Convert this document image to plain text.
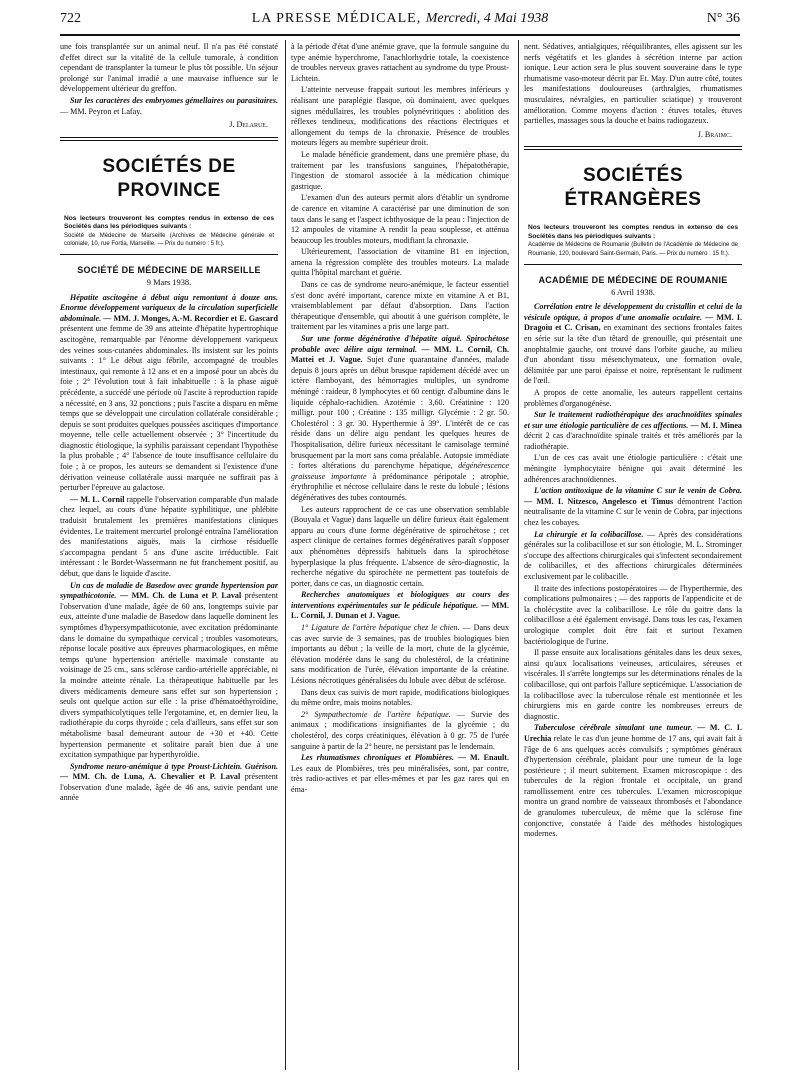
722	LA PRESSE MÉDICALE, Mercredi, 4 Mai 1938	N° 36

une fois transplantée sur un animal neuf. Il n'a pas été constaté d'effet direct sur la vitalité de la cellule tumorale, à condition cependant de transplanter la tumeur le plus tôt possible. Un séjour prolongé sur l'animal irradié a une mauvaise influence sur le développement ultérieur du greffon.

Sur les caractères des embryomes gémellaires ou parasitaires. — MM. Peyron et Lafay.

J. Delarue.
SOCIÉTÉS DE PROVINCE
Nos lecteurs trouveront les comptes rendus in extenso de ces Sociétés dans les périodiques suivants :
Société de Médecine de Marseille (Archives de Médecine générale et coloniale, 10, rue Fortia, Marseille. — Prix du numéro : 5 fr.).
SOCIÉTÉ DE MÉDECINE DE MARSEILLE
9 Mars 1938.

Hépatite ascitogène à début aigu remontant à douze ans. Enorme développement variqueux de la circulation superficielle abdominale. — MM. J. Monges, A.-M. Recordier et E. Gascard présentent une femme de 39 ans atteinte d'hépatite hypertrophique ascitogène, remarquable par l'énorme développement variqueux des veines sous-cutanées abdominales. Ils insistent sur les points suivants : 1° Le début aigu fébrile, accompagné de troubles intestinaux, qui remonte à 12 ans et en a imposé pour un abcès du foie ; 2° l'évolution tout à fait inhabituelle : à la phase aiguë précédente, a succédé une période où l'ascite à reproduction rapide a nécessité, en 3 ans, 32 ponctions ; puis l'ascite a disparu en même temps que se développait une circulation collatérale considérable ; depuis se sont produites quelques poussées ascitiques d'importance moyenne, telle celle actuellement observée ; 3° l'incertitude du diagnostic étiologique, la syphilis paraissant cependant l'hypothèse la plus probable ; 4° l'absence de toute insuffisance cellulaire du foie ; à ce propos, les auteurs se demandent si l'existence d'une dérivation veineuse collatérale aussi marquée ne suffirait pas à perturber l'épreuve au galactose.

— M. L. Cornil rappelle l'observation comparable d'un malade chez lequel, au cours d'une hépatite syphilitique, une phlébite traduisit brutalement les premières manifestations cliniques évidentes. Le traitement mercuriel prolongé entraîna l'amélioration des manifestations aiguës, mais la cirrhose résiduelle s'accompagna pendant 5 ans d'une ascite irréductible. Fait intéressant : le Bordet-Wassermann ne fut franchement positif, au début, que dans le liquide d'ascite.

Un cas de maladie de Basedow avec grande hypertension par sympathicotonie. — MM. Ch. de Luna et P. Laval présentent l'observation d'une malade, âgée de 60 ans, longtemps suivie par eux, atteinte d'une maladie de Basedow dans laquelle dominent les symptômes d'hypersympathicotonie, avec excitation prédominante dans le domaine du sympathique cervical ; troubles vasomoteurs, réponse locale positive aux épreuves pharmacologiques, en même temps qu'une hypertension artérielle maximale constante au voisinage de 25 cm., sans sclérose cardio-artérielle appréciable, ni la moindre atteinte rénale. La thérapeutique habituelle par les divers médicaments demeure sans effet sur son hypertension ; seuls ont quelque action sur elle : la prise d'hématoéthyroïdine, divers sympathicolytiques telle l'ergotamine, et, en dernier lieu, la radiothérapie du corps thyroïde ; cela d'ailleurs, sans effet sur son métabolisme basal demeurant autour de +30 et +40. Cette hypertension permanente et solitaire paraît bien due à une excitation sympathique par hyperthyroïdie.

Syndrome neuro-anémique à type Proust-Lichtein. Guérison. — MM. Ch. de Luna, A. Chevalier et P. Laval présentent l'observation d'une malade, âgée de 46 ans, suivie pendant une année

à la période d'état d'une anémie grave, que la formule sanguine du type anémie hyperchrome, l'anachlorhydrie totale, la coexistence de troubles nerveux graves rattachent au syndrome du type Proust-Lichtein.

L'atteinte nerveuse frappait surtout les membres inférieurs y réalisant une paraplégie flasque, où dominaient, avec quelques signes médullaires, les troubles polynévritiques : abolition des réflexes tendineux, modifications des réactions électriques et allongement du temps de la chronaxie. Présence de troubles moteurs légers au membre supérieur droit.

Le malade bénéficie grandement, dans une première phase, du traitement par les transfusions sanguines, l'hépatothérapie, l'ingestion de stomarol associée à la médication chimique gastrique.

L'examen d'un des auteurs permit alors d'établir un syndrome de carence en vitamine A caractérisé par une diminution de son taux dans le sang et l'aspect ichthyosique de la peau : l'injection de 12 ampoules de vitamine A rendit la peau souplesse, et atténua beaucoup les troubles moteurs, modifiant la chronaxie.

Ultérieurement, l'association de vitamine B1 en injection, amena la régression complète des troubles moteurs. La malade quitta l'hôpital marchant et guérie.

Dans ce cas de syndrome neuro-anémique, le facteur essentiel s'est donc avéré important, carence mixte en vitamine A et B1, vraisemblablement par défaut d'absorption. Dans l'action thérapeutique d'ensemble, qui aboutit à une guérison complète, le traitement par les vitamines a pris une large part.

Sur une forme dégénérative d'hépatite aiguë. Spirochétose probable avec délire aigu terminal. — MM. L. Cornil, Ch. Mattei et J. Vague. Sujet d'une quarantaine d'années, malade depuis 8 jours après un début brusque rapidement décédé avec un ictère flamboyant, des hémorragies multiples, un syndrome méningé : raideur, 8 lymphocytes et 60 centigr. d'albumine dans le liquide céphalo-rachidien. Azotémie : 3,60. Créatinine : 120 milligr. pour 100 ; Créatine : 135 milligr. Glycémie : 2 gr. 50. Cholestérol : 3 gr. 30. Hyperthermie à 39°. L'intérêt de ce cas réside dans un délire aigu pendant les quelques heures de l'hospitalisation, délire furieux nécessitant le camisolage terminé brusquement par la mort sans coma préalable. Autopsie immédiate : fortes altérations du parenchyme hépatique, dégénérescence graisseuse importante à prédominance péripotale ; atrophie, érythrophilie et nécrose cellulaire dans le reste du lobule ; lésions dégénératives des tubes contournés.

Les auteurs rapprochent de ce cas une observation semblable (Bouyala et Vague) dans laquelle un délire furieux était également apparu au cours d'une forme dégénérative de spirochétose ; cet aspect clinique de certaines formes dégénératives paraît s'opposer aux phénomènes dépressifs habituels dans la spirochétose hyperplasique la plus fréquente. L'absence de séro-diagnostic, la recherche négative du spirochète ne permettent pas toutefois de porter, dans ce cas, un diagnostic certain.

Recherches anatomiques et biologiques au cours des interventions expérimentales sur le pédicule hépatique. — MM. L. Cornil, J. Dunan et J. Vague.

1° Ligature de l'artère hépatique chez le chien. — Dans deux cas avec survie de 3 semaines, pas de troubles biologiques bien importants au début ; la veille de la mort, chute de la glycémie, élévation modérée dans le sang du cholestérol, de la créatinine sans modification de l'urée, élévation importante de la créatine. Lésions nécrotiques généralisées du lobule avec début de sclérose.

Dans deux cas suivis de mort rapide, modifications biologiques du même ordre, mais moins notables.

2° Sympathectomie de l'artère hépatique. — Survie des animaux ; modifications insignifiantes de la glycémie ; du cholestérol, des corps créatiniques, élévation à 0 gr. 75 de l'urée sanguine à partir de la 2° heure, ne persistant pas le lendemain.

Les rhumatismes chroniques et Plombières. — M. Enault. Les eaux de Plombières, très peu minéralisées, sont, par contre, très radio-actives et par elles-mêmes et par les gaz rares qui en éma-

nent. Sédatives, antialgiques, rééquilibrantes, elles agissent sur les nerfs végétatifs et les glandes à sécrétion interne par action ionique. Leur action sera le plus souvent souveraine dans le type rhumatisme vaso-moteur décrit par Et. May. D'un autre côté, toutes les manifestations douloureuses (arthralgies, rhumatismes musculaires, névralgies, en particulier sciatique) y trouveront amélioration. Comme moyens d'action : étuves totales, étuves partielles, massages sous la douche et bains radiogazeux.

J. Braimc.
SOCIÉTÉS ÉTRANGÈRES
Nos lecteurs trouveront les comptes rendus in extenso de ces Sociétés dans les périodiques suivants :
Académie de Médecine de Roumanie (Bulletin de l'Académie de Médecine de Roumanie, 120, boulevard Saint-Germain, Paris. — Prix du numéro : 15 fr.).
ACADÉMIE DE MÉDECINE DE ROUMANIE
6 Avril 1938.

Corrélation entre le développement du cristallin et celui de la vésicule optique, à propos d'une anomalie oculaire. — MM. I. Dragoiu et C. Crisan, en examinant des sections frontales faites en série sur la tête d'un têtard de grenouille, qui présentait une anophtalmie gauche, ont trouvé dans l'orbite gauche, au milieu d'un abondant tissu mésenchymateux, une formation ovale, délimitée par une paroi épaisse et noire, représentant le rudiment de l'œil.

A propos de cette anomalie, les auteurs rappellent certains problèmes d'organogénèse.

Sur le traitement radiothérapique des arachnoïdites spinales et sur une étiologie particulière de ces affections. — M. I. Minea décrit 2 cas d'arachnoïdite spinale traités et très améliorés par la radiothérapie.

L'un de ces cas avait une étiologie particulière : c'était une méningite lymphocytaire bénigne qui avait déterminé les adhérences arachnoïdiennes.

L'action antitoxique de la vitamine C sur le venin de Cobra. — MM. I. Nitzesco, Angelesco et Timus démontrent l'action neutralisante de la vitamine C sur le venin de Cobra, par injections chez les cobayes.

La chirurgie et la colibacillose. — Après des considérations générales sur la colibacillose et sur son étiologie, M. L. Strominger s'occupe des affections chirurgicales qui s'infectent secondairement de colibacilles, et des affections chirurgicales déterminées exclusivement par le colibacille.

Il traite des infections postopératoires — de l'hyperthermie, des complications pulmonaires ; — des rapports de l'appendicite et de la cholécystite avec la colibacillose. Le rôle du goitre dans la colibacillose a été également envisagé. Dans tous les cas, l'examen urologique complet doit être fait et surtout l'examen bactériologique de l'urine.

Il passe ensuite aux localisations génitales dans les deux sexes, ainsi qu'aux localisations veineuses, articulaires, séreuses et viscérales. Il s'arrête longtemps sur les déterminations rénales de la colibacillose, qui ont parfois l'allure septicémique. L'association de la colibacillose avec la tuberculose rénale est mentionnée et les chirurgiens mis en garde contre les nombreuses erreurs de diagnostic.

Tuberculose cérébrale simulant une tumeur. — M. C. I. Urechia relate le cas d'un jeune homme de 17 ans, qui avait fait à l'âge de 6 ans quelques accès convulsifs ; symptômes généraux d'hypertension cérébrale, plaidant pour une tumeur de la loge postérieure ; il meurt subitement. Examen microscopique : des tubercules de la région frontale et occipitale, un grand ramollissement entre ces tubercules. L'examen microscopique montra un grand nombre de vaisseaux thrombosés et l'abondance de granulomes tuberculeux, de même que la sclérose fine conjonctive, constatée à l'aide des méthodes histologiques modernes.
